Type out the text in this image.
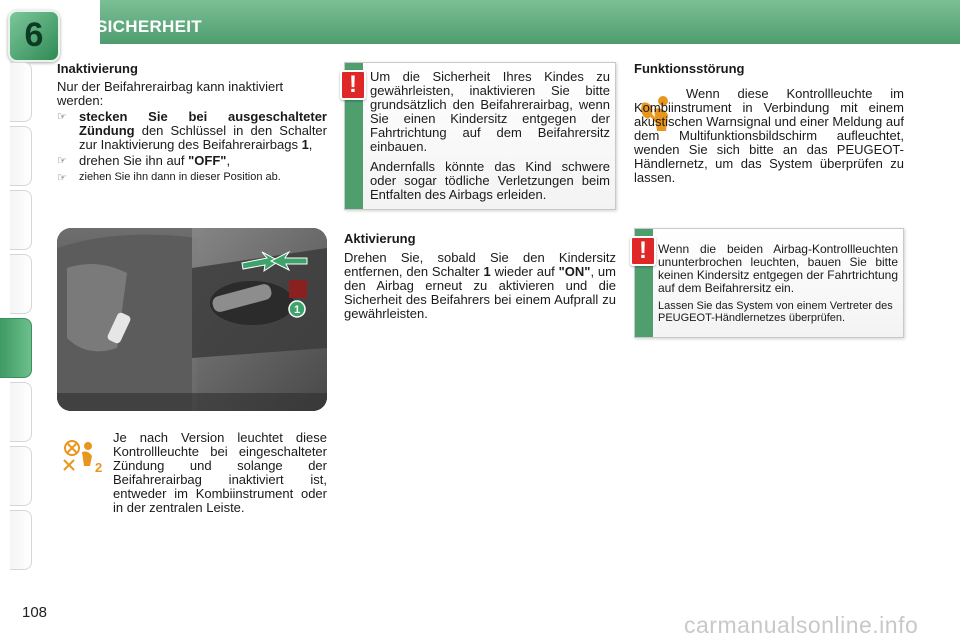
SICHERHEIT
6

Inaktivierung

Nur der Beifahrerairbag kann inaktiviert werden:

☞ stecken Sie bei ausgeschalteter Zündung den Schlüssel in den Schalter zur Inaktivierung des Beifahrerairbags 1,

☞ drehen Sie ihn auf "OFF",

☞ ziehen Sie ihn dann in dieser Position ab.

1
2

Je nach Version leuchtet diese Kontrollleuchte bei eingeschalteter Zündung und solange der Beifahrerairbag inaktiviert ist, entweder im Kombiinstrument oder in der zentralen Leiste.

!	Um die Sicherheit Ihres Kindes zu gewährleisten, inaktivieren Sie bitte grundsätzlich den Beifahrerairbag, wenn Sie einen Kindersitz entgegen der Fahrtrichtung auf dem Beifahrersitz einbauen.

Andernfalls könnte das Kind schwere oder sogar tödliche Verletzungen beim Entfalten des Airbags erleiden.

Aktivierung

Drehen Sie, sobald Sie den Kindersitz entfernen, den Schalter 1 wieder auf "ON", um den Airbag erneut zu aktivieren und die Sicherheit des Beifahrers bei einem Aufprall zu gewährleisten.

Funktionsstörung

Wenn diese Kontrollleuchte im Kombiinstrument in Verbindung mit einem akustischen Warnsignal und einer Meldung auf dem Multifunktionsbildschirm aufleuchtet, wenden Sie sich bitte an das PEUGEOT-Händlernetz, um das System überprüfen zu lassen.

! Wenn die beiden Airbag-Kontrollleuchten ununterbrochen leuchten, bauen Sie bitte keinen Kindersitz entgegen der Fahrtrichtung auf dem Beifahrersitz ein.

Lassen Sie das System von einem Vertreter des PEUGEOT-Händlernetzes überprüfen.

108	carmanualsonline.info
